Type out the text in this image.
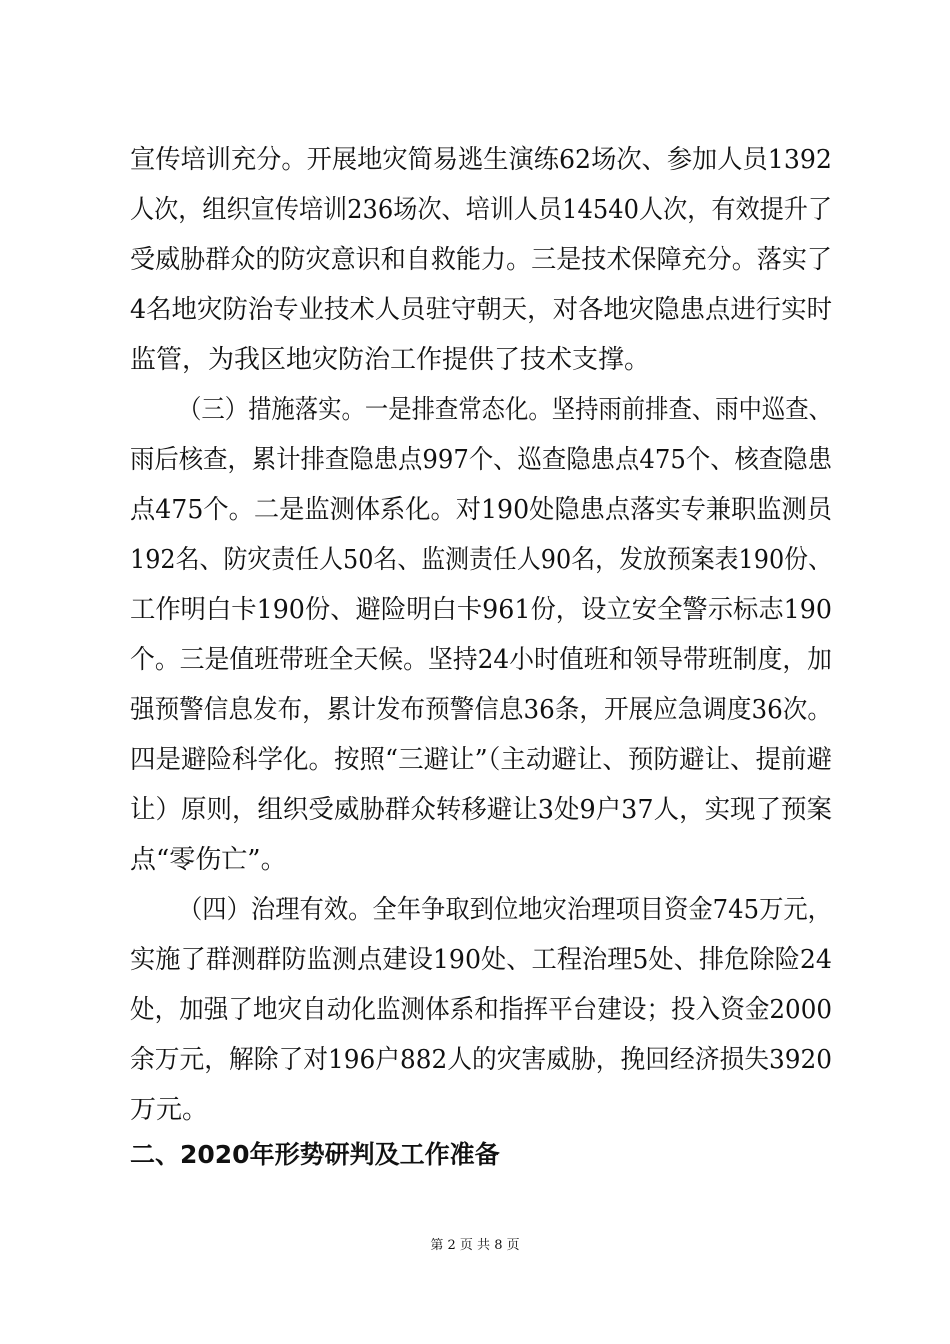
宣传培训充分。开展地灾简易逃生演练62场次、参加人员1392
人次，组织宣传培训236场次、培训人员14540人次，有效提升了
受威胁群众的防灾意识和自救能力。三是技术保障充分。落实了
4名地灾防治专业技术人员驻守朝天，对各地灾隐患点进行实时
监管，为我区地灾防治工作提供了技术支撑。
（三）措施落实。一是排查常态化。坚持雨前排查、雨中巡查、
雨后核查，累计排查隐患点997个、巡查隐患点475个、核查隐患
点475个。二是监测体系化。对190处隐患点落实专兼职监测员
192名、防灾责任人50名、监测责任人90名，发放预案表190份、
工作明白卡190份、避险明白卡961份，设立安全警示标志190
个。三是值班带班全天候。坚持24小时值班和领导带班制度，加
强预警信息发布，累计发布预警信息36条，开展应急调度36次。
四是避险科学化。按照“三避让”（主动避让、预防避让、提前避
让）原则，组织受威胁群众转移避让3处9户37人，实现了预案
点“零伤亡”。
（四）治理有效。全年争取到位地灾治理项目资金745万元，
实施了群测群防监测点建设190处、工程治理5处、排危除险24
处，加强了地灾自动化监测体系和指挥平台建设；投入资金2000
余万元，解除了对196户882人的灾害威胁，挽回经济损失3920
万元。
二、2020年形势研判及工作准备
第 2 页 共 8 页
